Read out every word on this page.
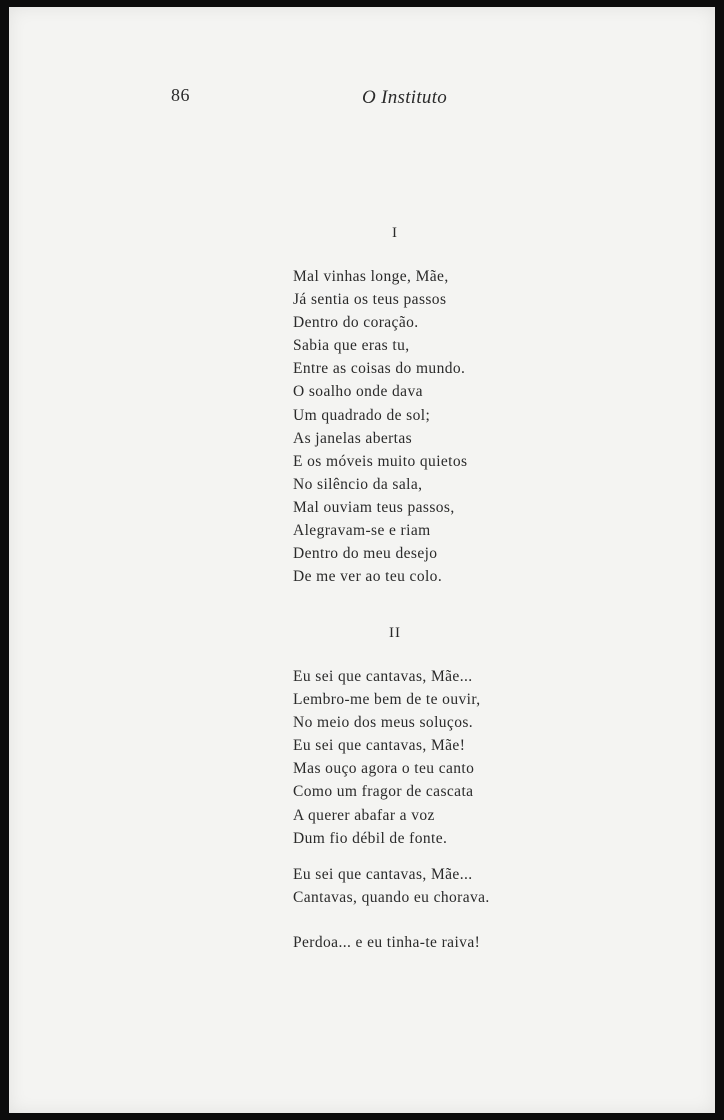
86	O Instituto
I
Mal vinhas longe, Mãe,
Já sentia os teus passos
Dentro do coração.
Sabia que eras tu,
Entre as coisas do mundo.
O soalho onde dava
Um quadrado de sol;
As janelas abertas
E os móveis muito quietos
No silêncio da sala,
Mal ouviam teus passos,
Alegravam-se e riam
Dentro do meu desejo
De me ver ao teu colo.
II
Eu sei que cantavas, Mãe...
Lembro-me bem de te ouvir,
No meio dos meus soluços.
Eu sei que cantavas, Mãe!
Mas ouço agora o teu canto
Como um fragor de cascata
A querer abafar a voz
Dum fio débil de fonte.
Eu sei que cantavas, Mãe...
Cantavas, quando eu chorava.
Perdoa... e eu tinha-te raiva!
